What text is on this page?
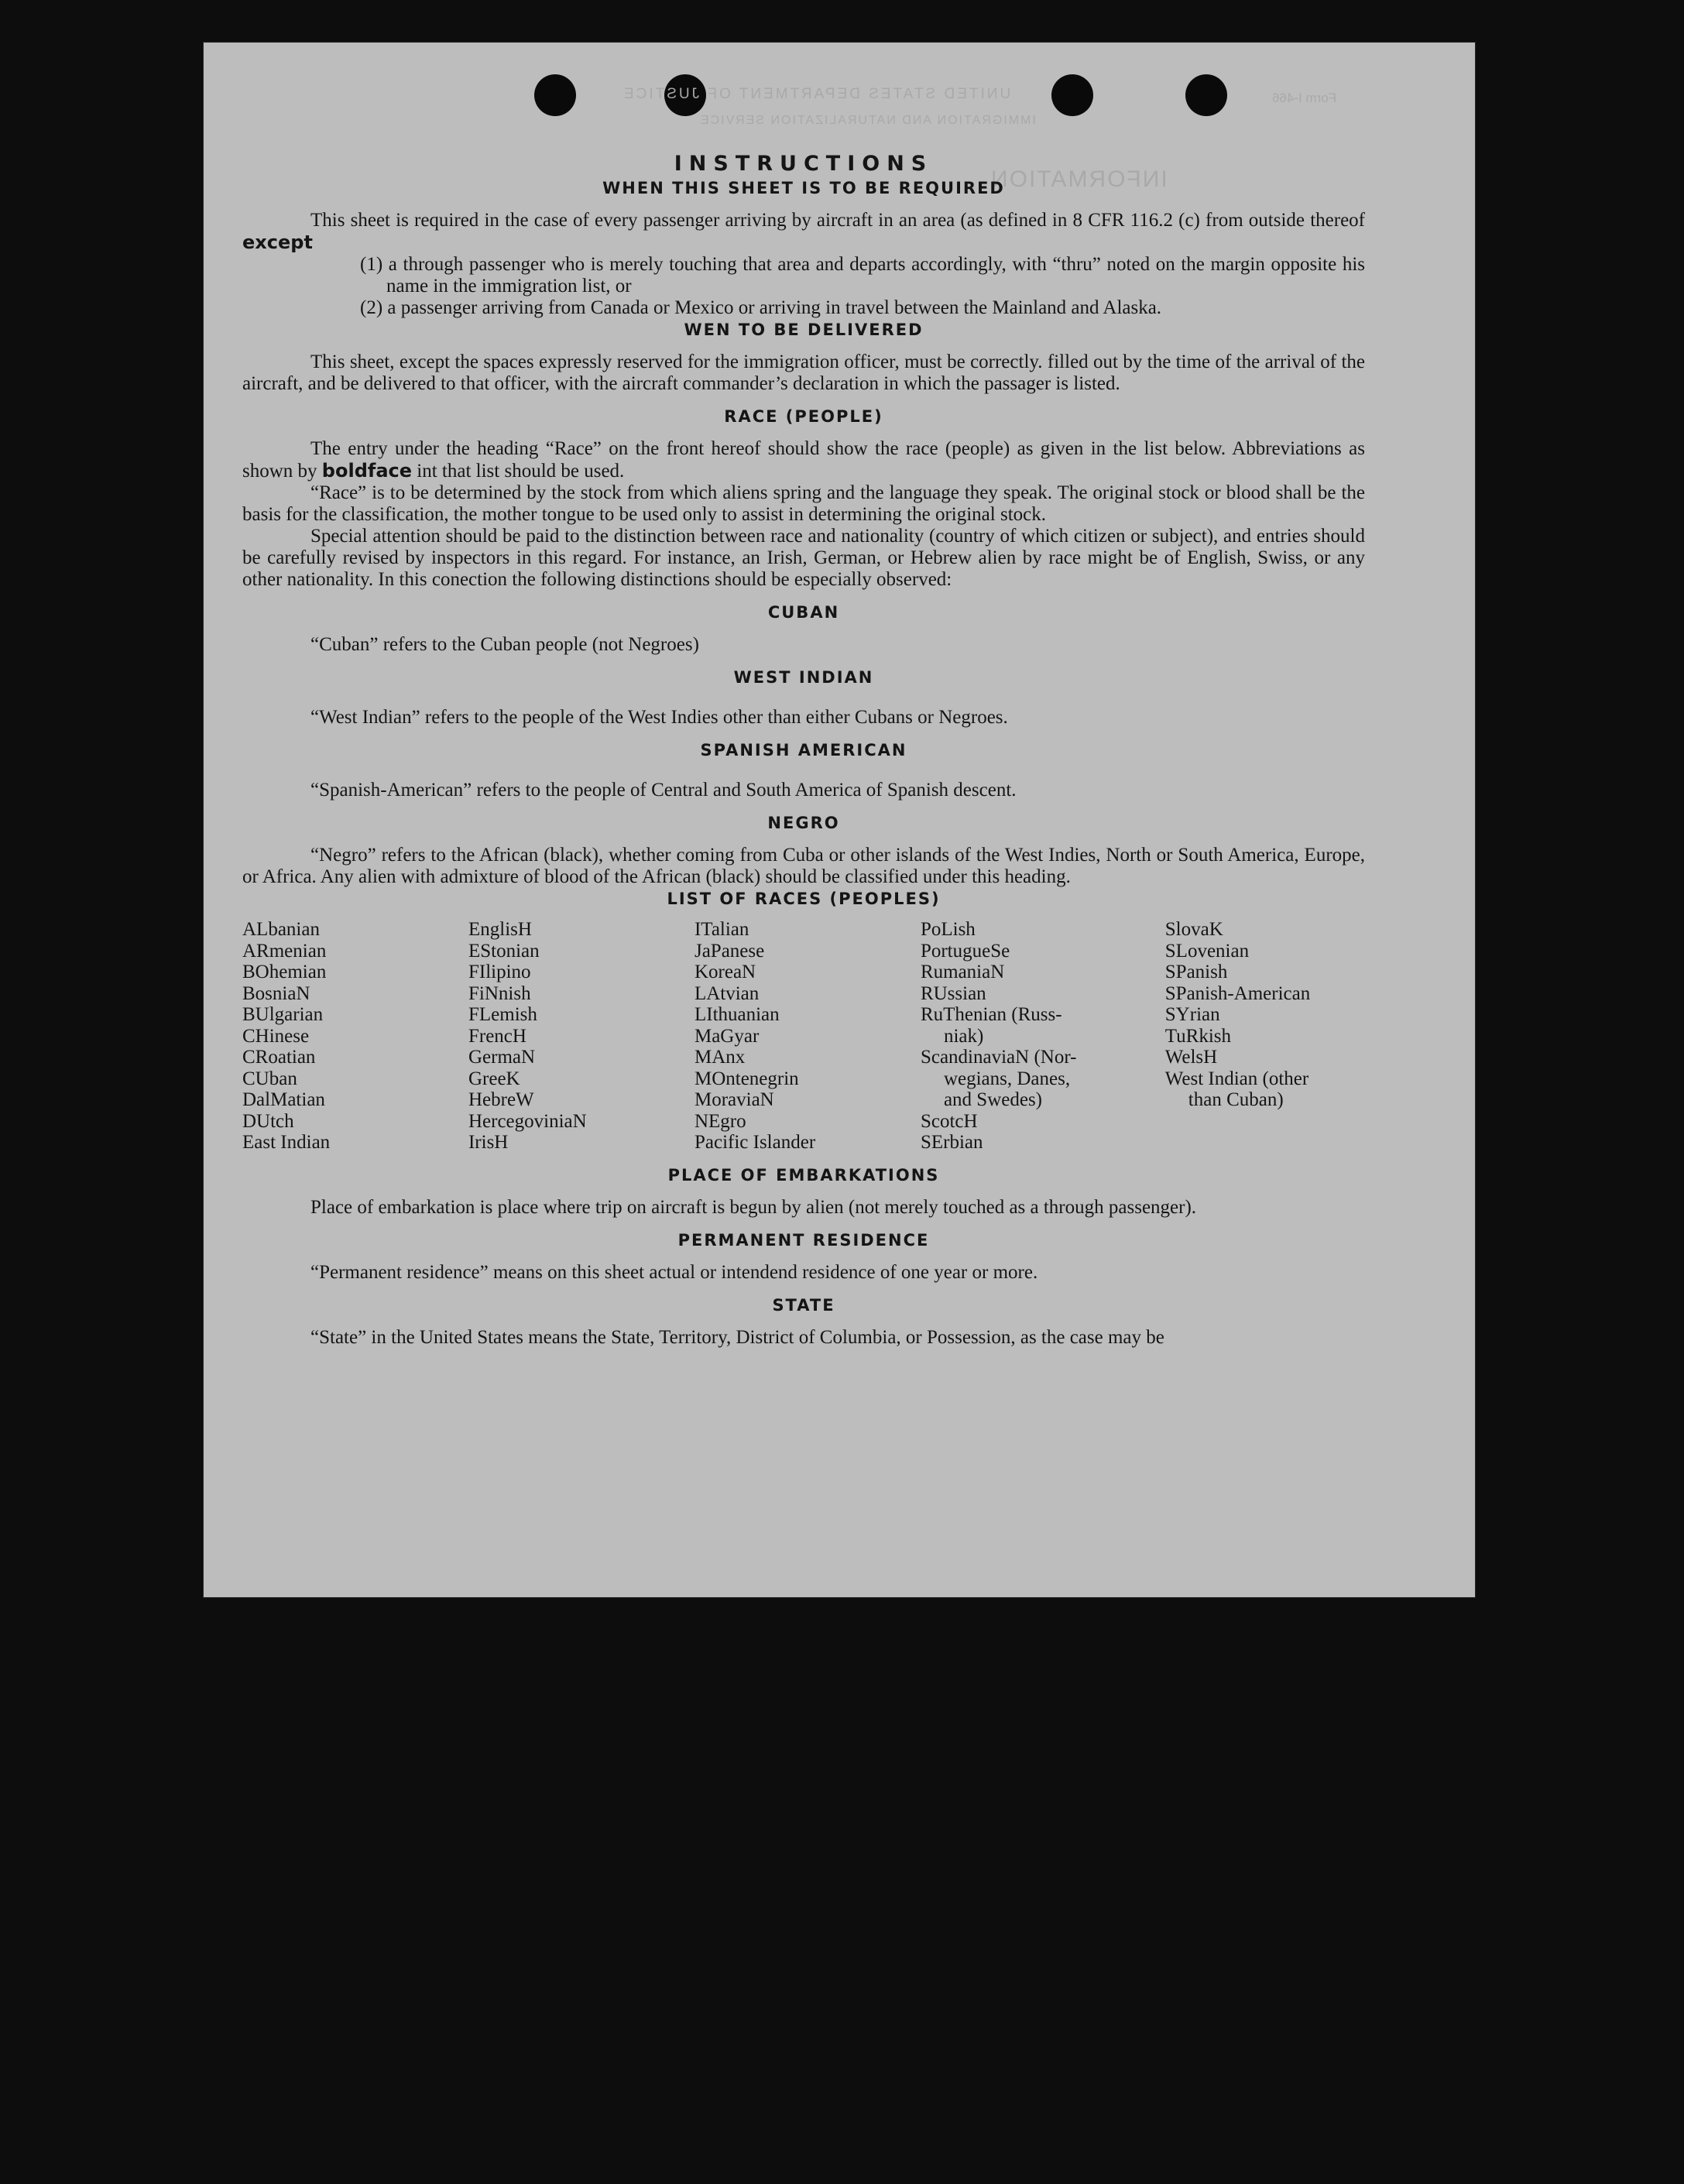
UNITED STATES DEPARTMENT OF JUSTICE
IMMIGRATION AND NATURALIZATION SERVICE
Form I-466
INFORMATION
INSTRUCTIONS
WHEN THIS SHEET IS TO BE REQUIRED

This sheet is required in the case of every passenger arriving by aircraft in an area (as defined in 8 CFR 116.2 (c) from outside thereof except

(1) a through passenger who is merely touching that area and departs accordingly, with “thru” noted on the margin opposite his name in the immigration list, or

(2) a passenger arriving from Canada or Mexico or arriving in travel between the Mainland and Alaska.

WEN TO BE DELIVERED

This sheet, except the spaces expressly reserved for the immigration officer, must be correctly. filled out by the time of the arrival of the aircraft, and be delivered to that officer, with the aircraft commander’s declaration in which the passager is listed.

RACE (PEOPLE)

The entry under the heading “Race” on the front hereof should show the race (people) as given in the list below. Abbreviations as shown by boldface int that list should be used.

“Race” is to be determined by the stock from which aliens spring and the language they speak. The original stock or blood shall be the basis for the classification, the mother tongue to be used only to assist in determining the original stock.

Special attention should be paid to the distinction between race and nationality (country of which citizen or subject), and entries should be carefully revised by inspectors in this regard. For instance, an Irish, German, or Hebrew alien by race might be of English, Swiss, or any other nationality. In this conection the following distinctions should be especially observed:

CUBAN

“Cuban” refers to the Cuban people (not Negroes)

WEST INDIAN

“West Indian” refers to the people of the West Indies other than either Cubans or Negroes.

SPANISH AMERICAN

“Spanish-American” refers to the people of Central and South America of Spanish descent.

NEGRO

“Negro” refers to the African (black), whether coming from Cuba or other islands of the West Indies, North or South America, Europe, or Africa. Any alien with admixture of blood of the African (black) should be classified under this heading.

LIST OF RACES (PEOPLES)
ALbanian
ARmenian
BOhemian
BosniaN
BUlgarian
CHinese
CRoatian
CUban
DalMatian
DUtch
East Indian
EnglisH
EStonian
FIlipino
FiNnish
FLemish
FrencH
GermaN
GreeK
HebreW
HercegoviniaN
IrisH
ITalian
JaPanese
KoreaN
LAtvian
LIthuanian
MaGyar
MAnx
MOntenegrin
MoraviaN
NEgro
Pacific Islander
PoLish
PortugueSe
RumaniaN
RUssian
RuThenian (Russ-
niak)
ScandinaviaN (Nor-
wegians, Danes,
and Swedes)
ScotcH
SErbian
SlovaK
SLovenian
SPanish
SPanish-American
SYrian
TuRkish
WelsH
West Indian (other
than Cuban)
PLACE OF EMBARKATIONS

Place of embarkation is place where trip on aircraft is begun by alien (not merely touched as a through passenger).

PERMANENT RESIDENCE

“Permanent residence” means on this sheet actual or intendend residence of one year or more.

STATE

“State” in the United States means the State, Territory, District of Columbia, or Possession, as the case may be
